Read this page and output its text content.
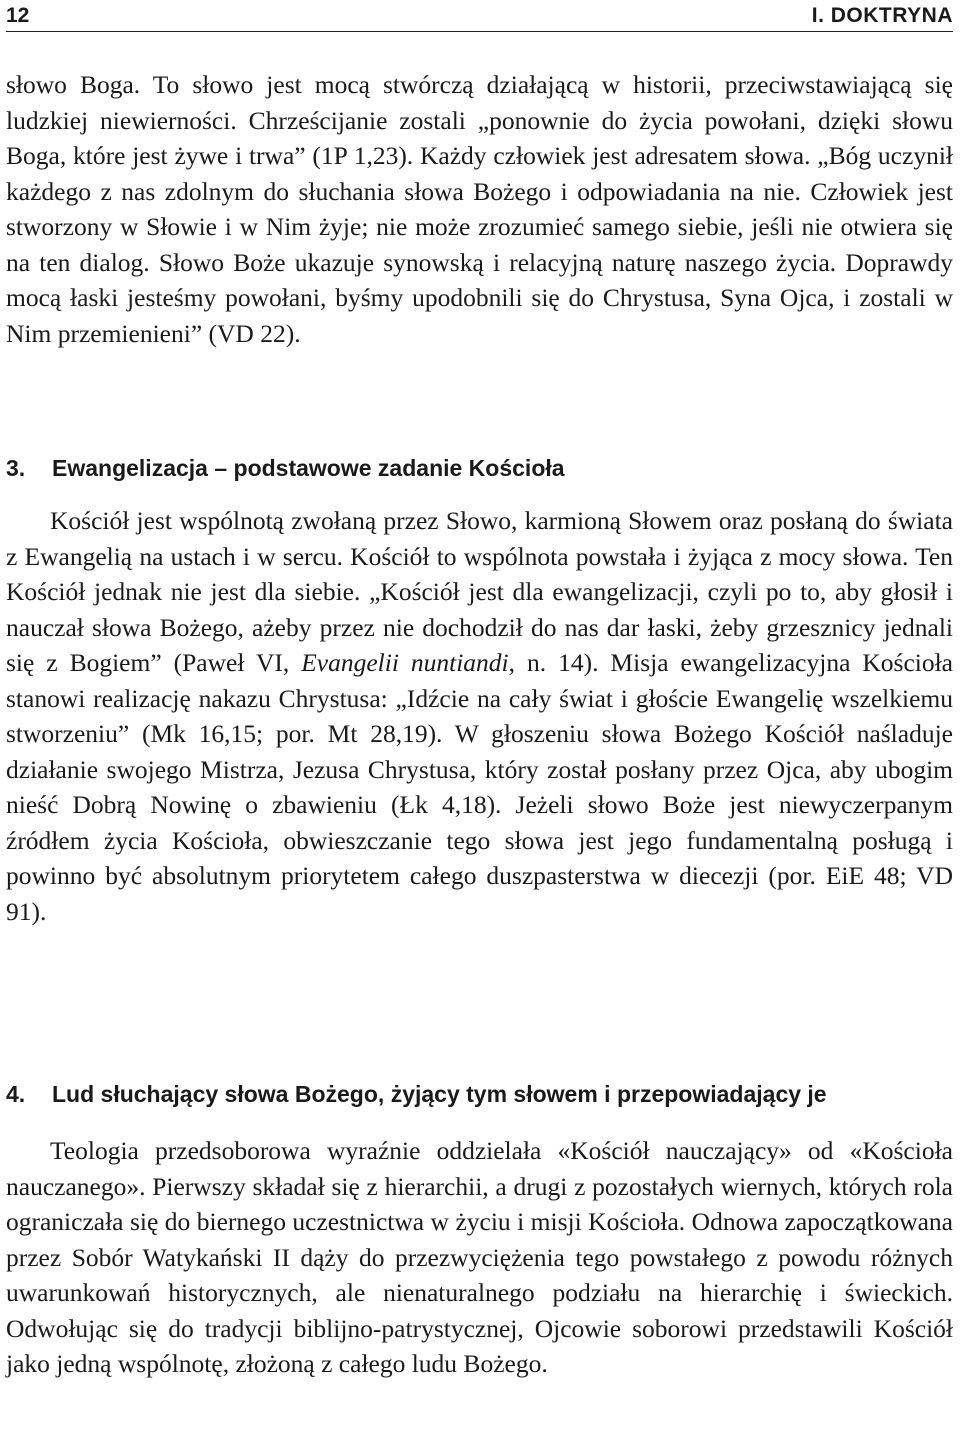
12	I. DOKTRYNA

słowo Boga. To słowo jest mocą stwórczą działającą w historii, przeciwstawiającą się ludzkiej niewierności. Chrześcijanie zostali „ponownie do życia powołani, dzięki słowu Boga, które jest żywe i trwa” (1P 1,23). Każdy człowiek jest adresatem słowa. „Bóg uczynił każdego z nas zdolnym do słuchania słowa Bożego i odpowiadania na nie. Człowiek jest stworzony w Słowie i w Nim żyje; nie może zrozumieć samego siebie, jeśli nie otwiera się na ten dialog. Słowo Boże ukazuje synowską i relacyjną naturę naszego życia. Doprawdy mocą łaski jesteśmy powołani, byśmy upodobnili się do Chrystusa, Syna Ojca, i zostali w Nim przemienieni” (VD 22).

3. Ewangelizacja – podstawowe zadanie Kościoła

Kościół jest wspólnotą zwołaną przez Słowo, karmioną Słowem oraz posłaną do świata z Ewangelią na ustach i w sercu. Kościół to wspólnota powstała i żyjąca z mocy słowa. Ten Kościół jednak nie jest dla siebie. „Kościół jest dla ewangelizacji, czyli po to, aby głosił i nauczał słowa Bożego, ażeby przez nie dochodził do nas dar łaski, żeby grzesznicy jednali się z Bogiem” (Paweł VI, Evangelii nuntiandi, n. 14). Misja ewangelizacyjna Kościoła stanowi realizację nakazu Chrystusa: „Idźcie na cały świat i głoście Ewangelię wszelkiemu stworzeniu” (Mk 16,15; por. Mt 28,19). W głoszeniu słowa Bożego Kościół naśladuje działanie swojego Mistrza, Jezusa Chrystusa, który został posłany przez Ojca, aby ubogim nieść Dobrą Nowinę o zbawieniu (Łk 4,18). Jeżeli słowo Boże jest niewyczerpanym źródłem życia Kościoła, obwieszczanie tego słowa jest jego fundamentalną posługą i powinno być absolutnym priorytetem całego duszpasterstwa w diecezji (por. EiE 48; VD 91).

4. Lud słuchający słowa Bożego, żyjący tym słowem i przepowiadający je

Teologia przedsoborowa wyraźnie oddzielała «Kościół nauczający» od «Kościoła nauczanego». Pierwszy składał się z hierarchii, a drugi z pozostałych wiernych, których rola ograniczała się do biernego uczestnictwa w życiu i misji Kościoła. Odnowa zapoczątkowana przez Sobór Watykański II dąży do przezwyciężenia tego powstałego z powodu różnych uwarunkowań historycznych, ale nienaturalnego podziału na hierarchię i świeckich. Odwołując się do tradycji biblijno-patrystycznej, Ojcowie soborowi przedstawili Kościół jako jedną wspólnotę, złożoną z całego ludu Bożego.
